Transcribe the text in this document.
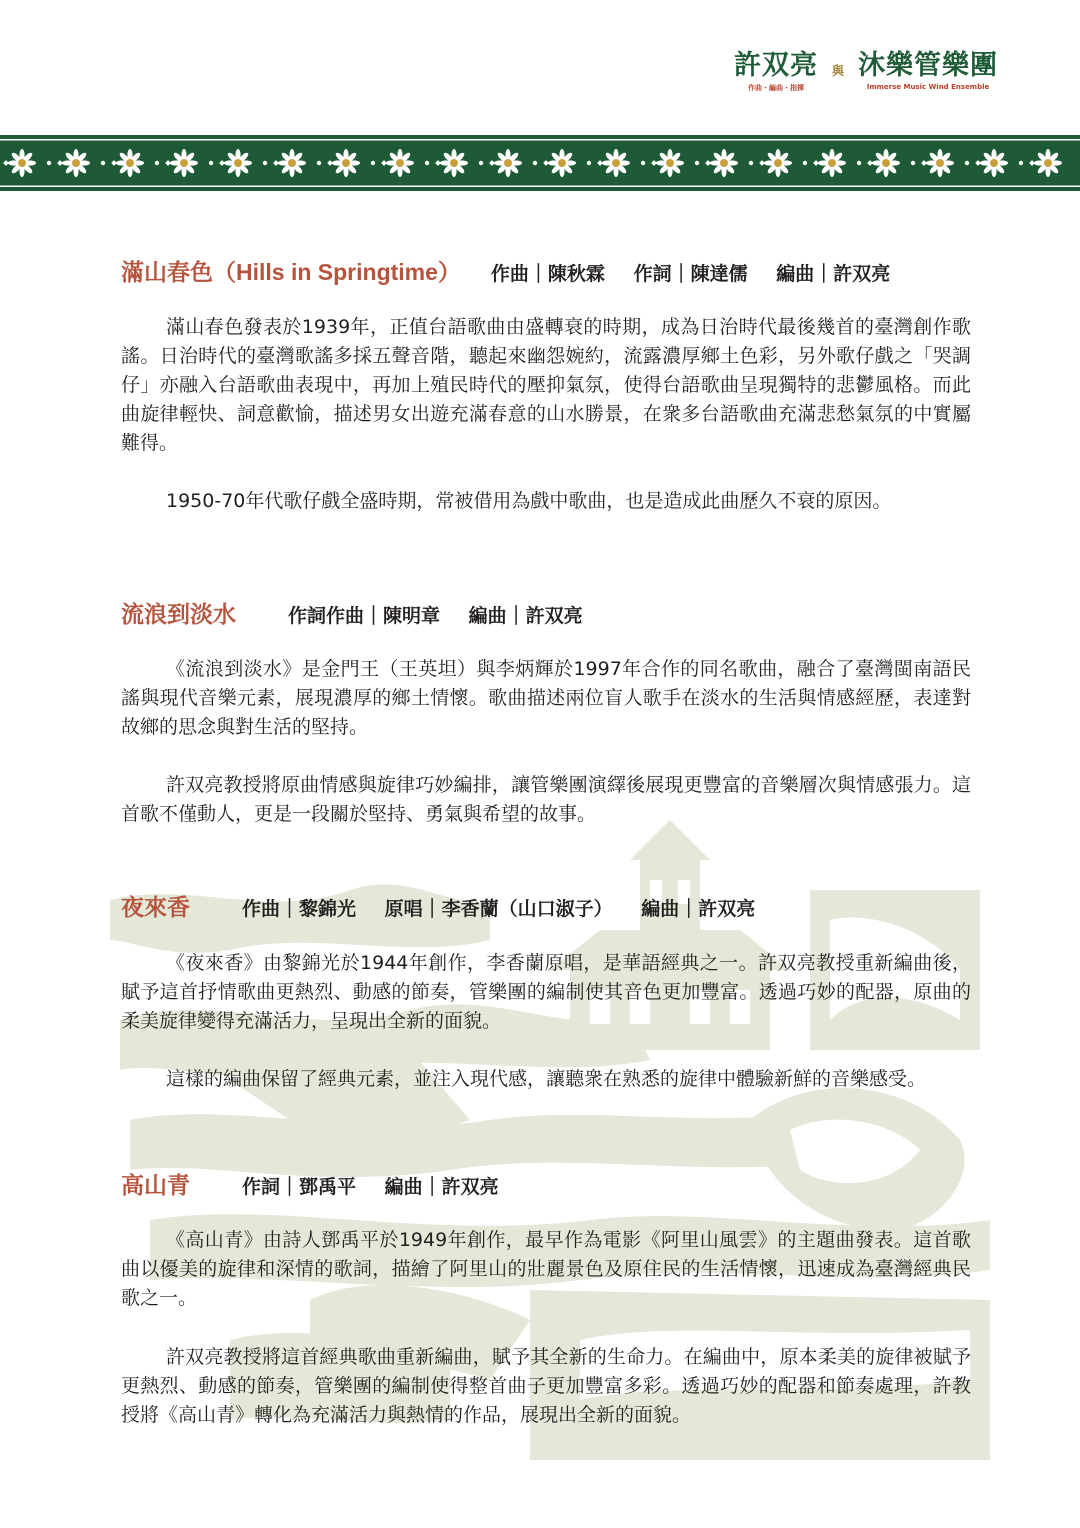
許双亮
作曲・編曲・指揮
與 沐樂管樂團
Immerse Music Wind Ensemble
滿山春色（Hills in Springtime） 作曲｜陳秋霖 作詞｜陳達儒 編曲｜許双亮

滿山春色發表於1939年，正值台語歌曲由盛轉衰的時期，成為日治時代最後幾首的臺灣創作歌謠。日治時代的臺灣歌謠多採五聲音階，聽起來幽怨婉約，流露濃厚鄉土色彩，另外歌仔戲之「哭調仔」亦融入台語歌曲表現中，再加上殖民時代的壓抑氣氛，使得台語歌曲呈現獨特的悲鬱風格。而此曲旋律輕快、詞意歡愉，描述男女出遊充滿春意的山水勝景，在衆多台語歌曲充滿悲愁氣氛的中實屬難得。

1950-70年代歌仔戲全盛時期，常被借用為戲中歌曲，也是造成此曲歷久不衰的原因。

流浪到淡水	作詞作曲｜陳明章 編曲｜許双亮

《流浪到淡水》是金門王（王英坦）與李炳輝於1997年合作的同名歌曲，融合了臺灣閩南語民謠與現代音樂元素，展現濃厚的鄉土情懷。歌曲描述兩位盲人歌手在淡水的生活與情感經歷，表達對故鄉的思念與對生活的堅持。

許双亮教授將原曲情感與旋律巧妙編排，讓管樂團演繹後展現更豐富的音樂層次與情感張力。這首歌不僅動人，更是一段關於堅持、勇氣與希望的故事。

夜來香	作曲｜黎錦光 原唱｜李香蘭（山口淑子） 編曲｜許双亮

《夜來香》由黎錦光於1944年創作，李香蘭原唱，是華語經典之一。許双亮教授重新編曲後，賦予這首抒情歌曲更熱烈、動感的節奏，管樂團的編制使其音色更加豐富。透過巧妙的配器，原曲的柔美旋律變得充滿活力，呈現出全新的面貌。

這樣的編曲保留了經典元素，並注入現代感，讓聽衆在熟悉的旋律中體驗新鮮的音樂感受。

高山青	作詞｜鄧禹平 編曲｜許双亮

《高山青》由詩人鄧禹平於1949年創作，最早作為電影《阿里山風雲》的主題曲發表。這首歌曲以優美的旋律和深情的歌詞，描繪了阿里山的壯麗景色及原住民的生活情懷，迅速成為臺灣經典民歌之一。

許双亮教授將這首經典歌曲重新編曲，賦予其全新的生命力。在編曲中，原本柔美的旋律被賦予更熱烈、動感的節奏，管樂團的編制使得整首曲子更加豐富多彩。透過巧妙的配器和節奏處理，許教授將《高山青》轉化為充滿活力與熱情的作品，展現出全新的面貌。
